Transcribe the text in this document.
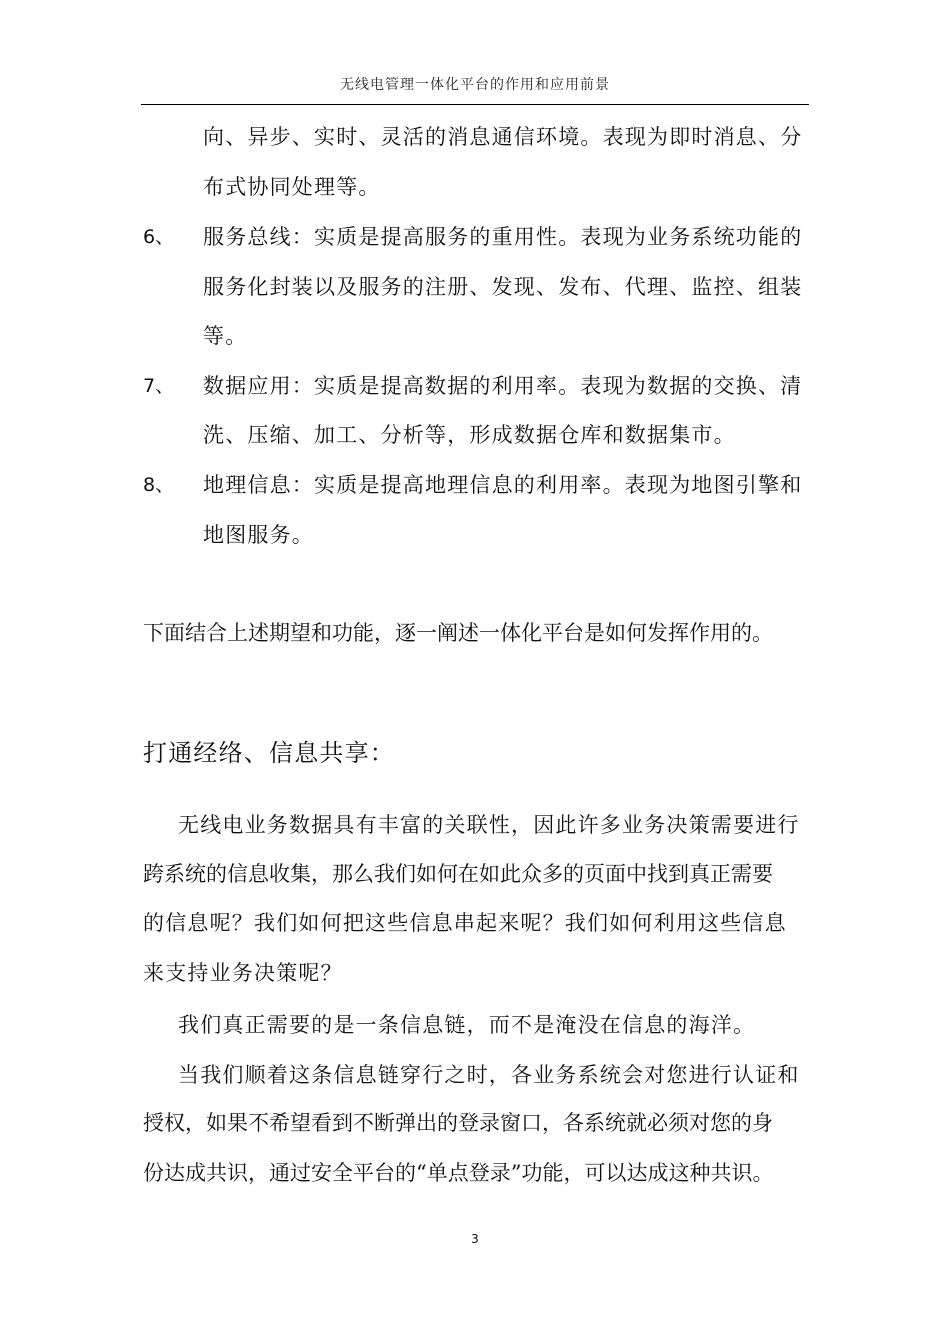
无线电管理一体化平台的作用和应用前景
向、异步、实时、灵活的消息通信环境。表现为即时消息、分
布式协同处理等。
6、 服务总线：实质是提高服务的重用性。表现为业务系统功能的
服务化封装以及服务的注册、发现、发布、代理、监控、组装
等。
7、 数据应用：实质是提高数据的利用率。表现为数据的交换、清
洗、压缩、加工、分析等，形成数据仓库和数据集市。
8、 地理信息：实质是提高地理信息的利用率。表现为地图引擎和
地图服务。
下面结合上述期望和功能，逐一阐述一体化平台是如何发挥作用的。
打通经络、信息共享：
无线电业务数据具有丰富的关联性，因此许多业务决策需要进行
跨系统的信息收集，那么我们如何在如此众多的页面中找到真正需要
的信息呢？我们如何把这些信息串起来呢？我们如何利用这些信息
来支持业务决策呢？
我们真正需要的是一条信息链，而不是淹没在信息的海洋。
当我们顺着这条信息链穿行之时，各业务系统会对您进行认证和
授权，如果不希望看到不断弹出的登录窗口，各系统就必须对您的身
份达成共识，通过安全平台的“单点登录”功能，可以达成这种共识。
3
